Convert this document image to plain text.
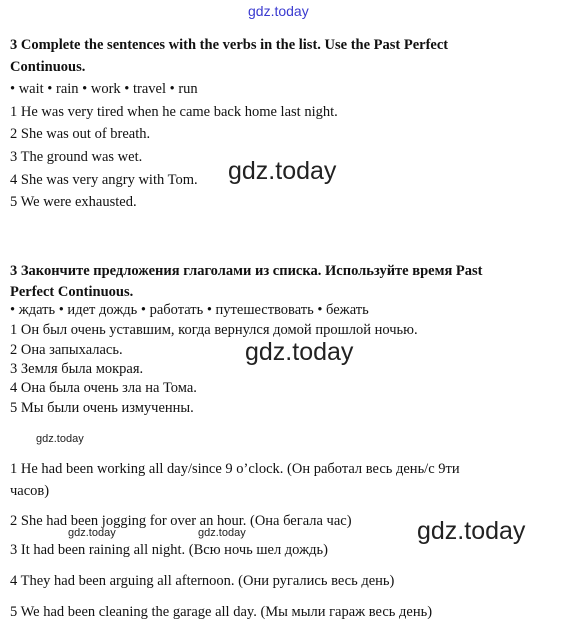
gdz.today
3 Complete the sentences with the verbs in the list. Use the Past Perfect
Continuous.
• wait • rain • work • travel • run
1 He was very tired when he came back home last night.
2 She was out of breath.
3 The ground was wet.
4 She was very angry with Tom.
5 We were exhausted.
gdz.today
3 Закончите предложения глаголами из списка. Используйте время Past
Perfect Continuous.
• ждать • идет дождь • работать • путешествовать • бежать
1 Он был очень уставшим, когда вернулся домой прошлой ночью.
2 Она запыхалась.
3 Земля была мокрая.
4 Она была очень зла на Тома.
5 Мы были очень измученны.
gdz.today
gdz.today
1 He had been working all day/since 9 o’clock. (Он работал весь день/с 9ти
часов)
2 She had been jogging for over an hour. (Она бегала час)
gdz.today	gdz.today
3 It had been raining all night. (Всю ночь шел дождь)
gdz.today
4 They had been arguing all afternoon. (Они ругались весь день)
5 We had been cleaning the garage all day. (Мы мыли гараж весь день)
